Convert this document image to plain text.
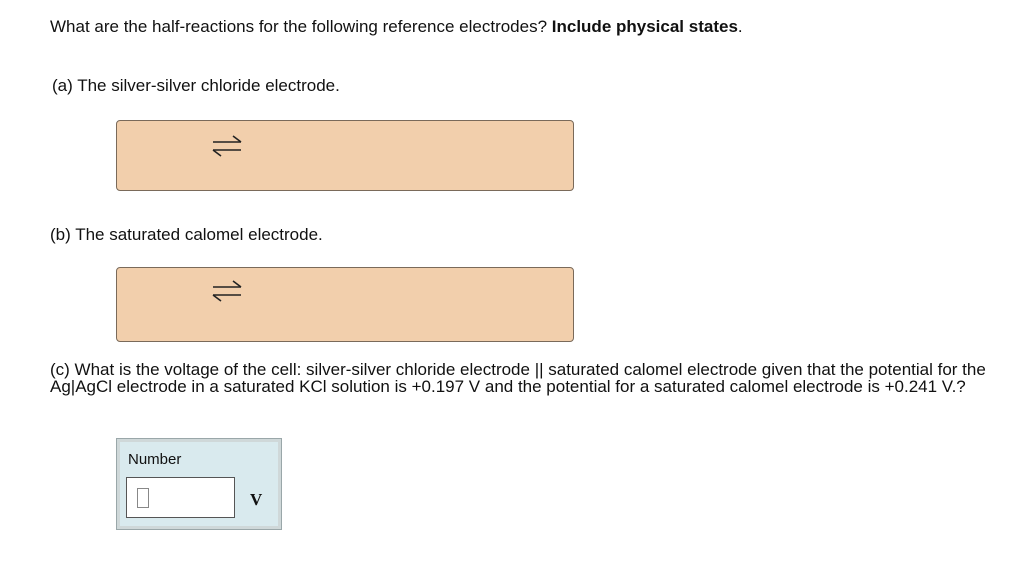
What are the half-reactions for the following reference electrodes? Include physical states.
(a) The silver-silver chloride electrode.
(b) The saturated calomel electrode.
(c) What is the voltage of the cell: silver-silver chloride electrode || saturated calomel electrode given that the potential for the Ag|AgCl electrode in a saturated KCl solution is +0.197 V and the potential for a saturated calomel electrode is +0.241 V.?
Number
V
